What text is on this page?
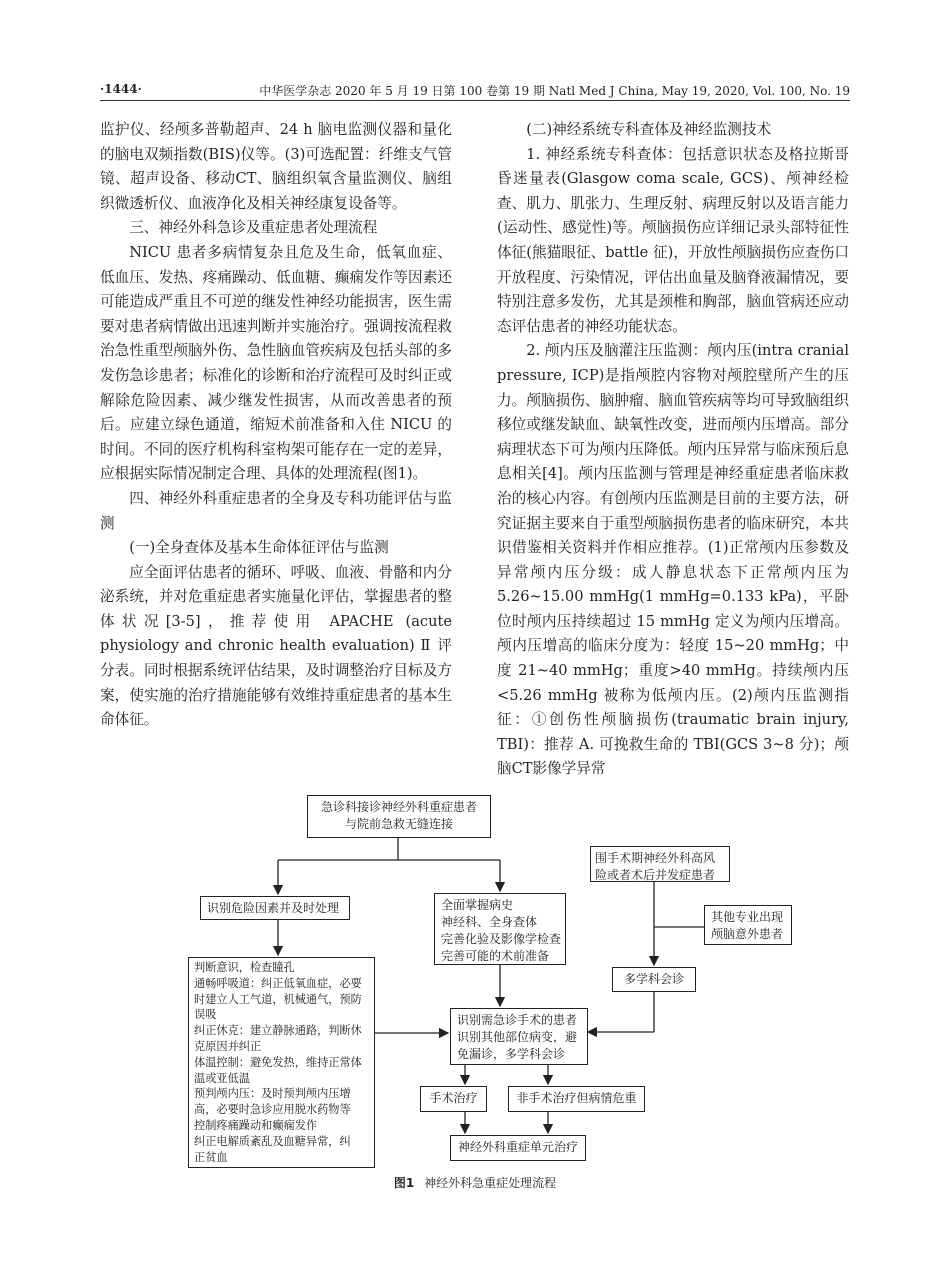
·1444·	中华医学杂志 2020 年 5 月 19 日第 100 卷第 19 期 Natl Med J China, May 19, 2020, Vol. 100, No. 19

监护仪、经颅多普勒超声、24 h 脑电监测仪器和量化的脑电双频指数(BIS)仪等。(3)可选配置：纤维支气管镜、超声设备、移动CT、脑组织氧含量监测仪、脑组织微透析仪、血液净化及相关神经康复设备等。

三、神经外科急诊及重症患者处理流程

NICU 患者多病情复杂且危及生命，低氧血症、低血压、发热、疼痛躁动、低血糖、癫痫发作等因素还可能造成严重且不可逆的继发性神经功能损害，医生需要对患者病情做出迅速判断并实施治疗。强调按流程救治急性重型颅脑外伤、急性脑血管疾病及包括头部的多发伤急诊患者；标准化的诊断和治疗流程可及时纠正或解除危险因素、减少继发性损害，从而改善患者的预后。应建立绿色通道，缩短术前准备和入住 NICU 的时间。不同的医疗机构科室构架可能存在一定的差异，应根据实际情况制定合理、具体的处理流程(图1)。

四、神经外科重症患者的全身及专科功能评估与监测

(一)全身查体及基本生命体征评估与监测

应全面评估患者的循环、呼吸、血液、骨骼和内分泌系统，并对危重症患者实施量化评估，掌握患者的整体状况[3-5]，推荐使用 APACHE (acute physiology and chronic health evaluation) Ⅱ 评分表。同时根据系统评估结果，及时调整治疗目标及方案，使实施的治疗措施能够有效维持重症患者的基本生命体征。

(二)神经系统专科查体及神经监测技术

1. 神经系统专科查体：包括意识状态及格拉斯哥昏迷量表(Glasgow coma scale, GCS)、颅神经检查、肌力、肌张力、生理反射、病理反射以及语言能力(运动性、感觉性)等。颅脑损伤应详细记录头部特征性体征(熊猫眼征、battle 征)，开放性颅脑损伤应查伤口开放程度、污染情况，评估出血量及脑脊液漏情况，要特别注意多发伤，尤其是颈椎和胸部，脑血管病还应动态评估患者的神经功能状态。

2. 颅内压及脑灌注压监测：颅内压(intra cranial pressure, ICP)是指颅腔内容物对颅腔壁所产生的压力。颅脑损伤、脑肿瘤、脑血管疾病等均可导致脑组织移位或继发缺血、缺氧性改变，进而颅内压增高。部分病理状态下可为颅内压降低。颅内压异常与临床预后息息相关[4]。颅内压监测与管理是神经重症患者临床救治的核心内容。有创颅内压监测是目前的主要方法，研究证据主要来自于重型颅脑损伤患者的临床研究，本共识借鉴相关资料并作相应推荐。(1)正常颅内压参数及异常颅内压分级：成人静息状态下正常颅内压为 5.26~15.00 mmHg(1 mmHg=0.133 kPa)，平卧位时颅内压持续超过 15 mmHg 定义为颅内压增高。颅内压增高的临床分度为：轻度 15~20 mmHg；中度 21~40 mmHg；重度>40 mmHg。持续颅内压<5.26 mmHg 被称为低颅内压。(2)颅内压监测指征：①创伤性颅脑损伤(traumatic brain injury, TBI)：推荐 A. 可挽救生命的 TBI(GCS 3~8 分)；颅脑CT影像学异常

急诊科接诊神经外科重症患者
与院前急救无缝连接
围手术期神经外科高风
险或者术后并发症患者
识别危险因素并及时处理	全面掌握病史
神经科、全身查体
完善化验及影像学检查
完善可能的术前准备
其他专业出现
颅脑意外患者
多学科会诊
判断意识，检查瞳孔
通畅呼吸道：纠正低氧血症，必要
时建立人工气道，机械通气，预防
误吸
纠正休克：建立静脉通路，判断休
克原因并纠正
体温控制：避免发热，维持正常体
温或亚低温
预判颅内压：及时预判颅内压增
高，必要时急诊应用脱水药物等
控制疼痛躁动和癫痫发作
纠正电解质紊乱及血糖异常，纠
正贫血
识别需急诊手术的患者
识别其他部位病变，避
免漏诊，多学科会诊
手术治疗	非手术治疗但病情危重
神经外科重症单元治疗
图1 神经外科急重症处理流程
